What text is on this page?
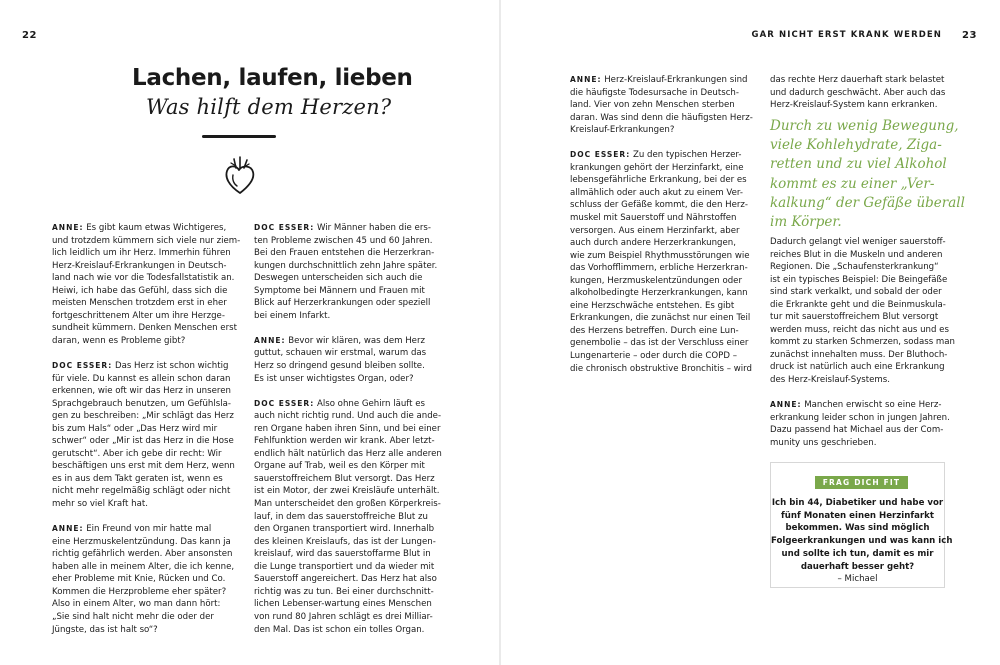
22	GAR NICHT ERST KRANK WERDEN 23
Lachen, laufen, lieben
Was hilft dem Herzen?

ANNE: Es gibt kaum etwas Wichtigeres,
und trotzdem kümmern sich viele nur ziem-
lich leidlich um ihr Herz. Immerhin führen
Herz-Kreislauf-Erkrankungen in Deutsch-
land nach wie vor die Todesfallstatistik an.
Heiwi, ich habe das Gefühl, dass sich die
meisten Menschen trotzdem erst in eher
fortgeschrittenem Alter um ihre Herzge-
sundheit kümmern. Denken Menschen erst
daran, wenn es Probleme gibt?

DOC ESSER: Das Herz ist schon wichtig
für viele. Du kannst es allein schon daran
erkennen, wie oft wir das Herz in unseren
Sprachgebrauch benutzen, um Gefühlsla-
gen zu beschreiben: „Mir schlägt das Herz
bis zum Hals“ oder „Das Herz wird mir
schwer“ oder „Mir ist das Herz in die Hose
gerutscht“. Aber ich gebe dir recht: Wir
beschäftigen uns erst mit dem Herz, wenn
es in aus dem Takt geraten ist, wenn es
nicht mehr regelmäßig schlägt oder nicht
mehr so viel Kraft hat.

ANNE: Ein Freund von mir hatte mal
eine Herzmuskelentzündung. Das kann ja
richtig gefährlich werden. Aber ansonsten
haben alle in meinem Alter, die ich kenne,
eher Probleme mit Knie, Rücken und Co.
Kommen die Herzprobleme eher später?
Also in einem Alter, wo man dann hört:
„Sie sind halt nicht mehr die oder der
Jüngste, das ist halt so“?

DOC ESSER: Wir Männer haben die ers-
ten Probleme zwischen 45 und 60 Jahren.
Bei den Frauen entstehen die Herzerkran-
kungen durchschnittlich zehn Jahre später.
Deswegen unterscheiden sich auch die
Symptome bei Männern und Frauen mit
Blick auf Herzerkrankungen oder speziell
bei einem Infarkt.

ANNE: Bevor wir klären, was dem Herz
guttut, schauen wir erstmal, warum das
Herz so dringend gesund bleiben sollte.
Es ist unser wichtigstes Organ, oder?

DOC ESSER: Also ohne Gehirn läuft es
auch nicht richtig rund. Und auch die ande-
ren Organe haben ihren Sinn, und bei einer
Fehlfunktion werden wir krank. Aber letzt-
endlich hält natürlich das Herz alle anderen
Organe auf Trab, weil es den Körper mit
sauerstoffreichem Blut versorgt. Das Herz
ist ein Motor, der zwei Kreisläufe unterhält.
Man unterscheidet den großen Körperkreis-
lauf, in dem das sauerstoffreiche Blut zu
den Organen transportiert wird. Innerhalb
des kleinen Kreislaufs, das ist der Lungen-
kreislauf, wird das sauerstoffarme Blut in
die Lunge transportiert und da wieder mit
Sauerstoff angereichert. Das Herz hat also
richtig was zu tun. Bei einer durchschnitt-
lichen Lebenser-wartung eines Menschen
von rund 80 Jahren schlägt es drei Milliar-
den Mal. Das ist schon ein tolles Organ.

ANNE: Herz-Kreislauf-Erkrankungen sind
die häufigste Todesursache in Deutsch-
land. Vier von zehn Menschen sterben
daran. Was sind denn die häufigsten Herz-
Kreislauf-Erkrankungen?

DOC ESSER: Zu den typischen Herzer-
krankungen gehört der Herzinfarkt, eine
lebensgefährliche Erkrankung, bei der es
allmählich oder auch akut zu einem Ver-
schluss der Gefäße kommt, die den Herz-
muskel mit Sauerstoff und Nährstoffen
versorgen. Aus einem Herzinfarkt, aber
auch durch andere Herzerkrankungen,
wie zum Beispiel Rhythmusstörungen wie
das Vorhofflimmern, erbliche Herzerkran-
kungen, Herzmuskelentzündungen oder
alkoholbedingte Herzerkrankungen, kann
eine Herzschwäche entstehen. Es gibt
Erkrankungen, die zunächst nur einen Teil
des Herzens betreffen. Durch eine Lun-
genembolie – das ist der Verschluss einer
Lungenarterie – oder durch die COPD –
die chronisch obstruktive Bronchitis – wird

das rechte Herz dauerhaft stark belastet
und dadurch geschwächt. Aber auch das
Herz-Kreislauf-System kann erkranken.

Durch zu wenig Bewegung,
viele Kohlehydrate, Ziga-
retten und zu viel Alkohol
kommt es zu einer „Ver-
kalkung“ der Gefäße überall
im Körper.

Dadurch gelangt viel weniger sauerstoff-
reiches Blut in die Muskeln und anderen
Regionen. Die „Schaufensterkrankung“
ist ein typisches Beispiel: Die Beingefäße
sind stark verkalkt, und sobald der oder
die Erkrankte geht und die Beinmuskula-
tur mit sauerstoffreichem Blut versorgt
werden muss, reicht das nicht aus und es
kommt zu starken Schmerzen, sodass man
zunächst innehalten muss. Der Bluthoch-
druck ist natürlich auch eine Erkrankung
des Herz-Kreislauf-Systems.

ANNE: Manchen erwischt so eine Herz-
erkrankung leider schon in jungen Jahren.
Dazu passend hat Michael aus der Com-
munity uns geschrieben.

FRAG DICH FIT
Ich bin 44, Diabetiker und habe vor
fünf Monaten einen Herzinfarkt
bekommen. Was sind möglich
Folgeerkrankungen und was kann ich
und sollte ich tun, damit es mir
dauerhaft besser geht?
– Michael
